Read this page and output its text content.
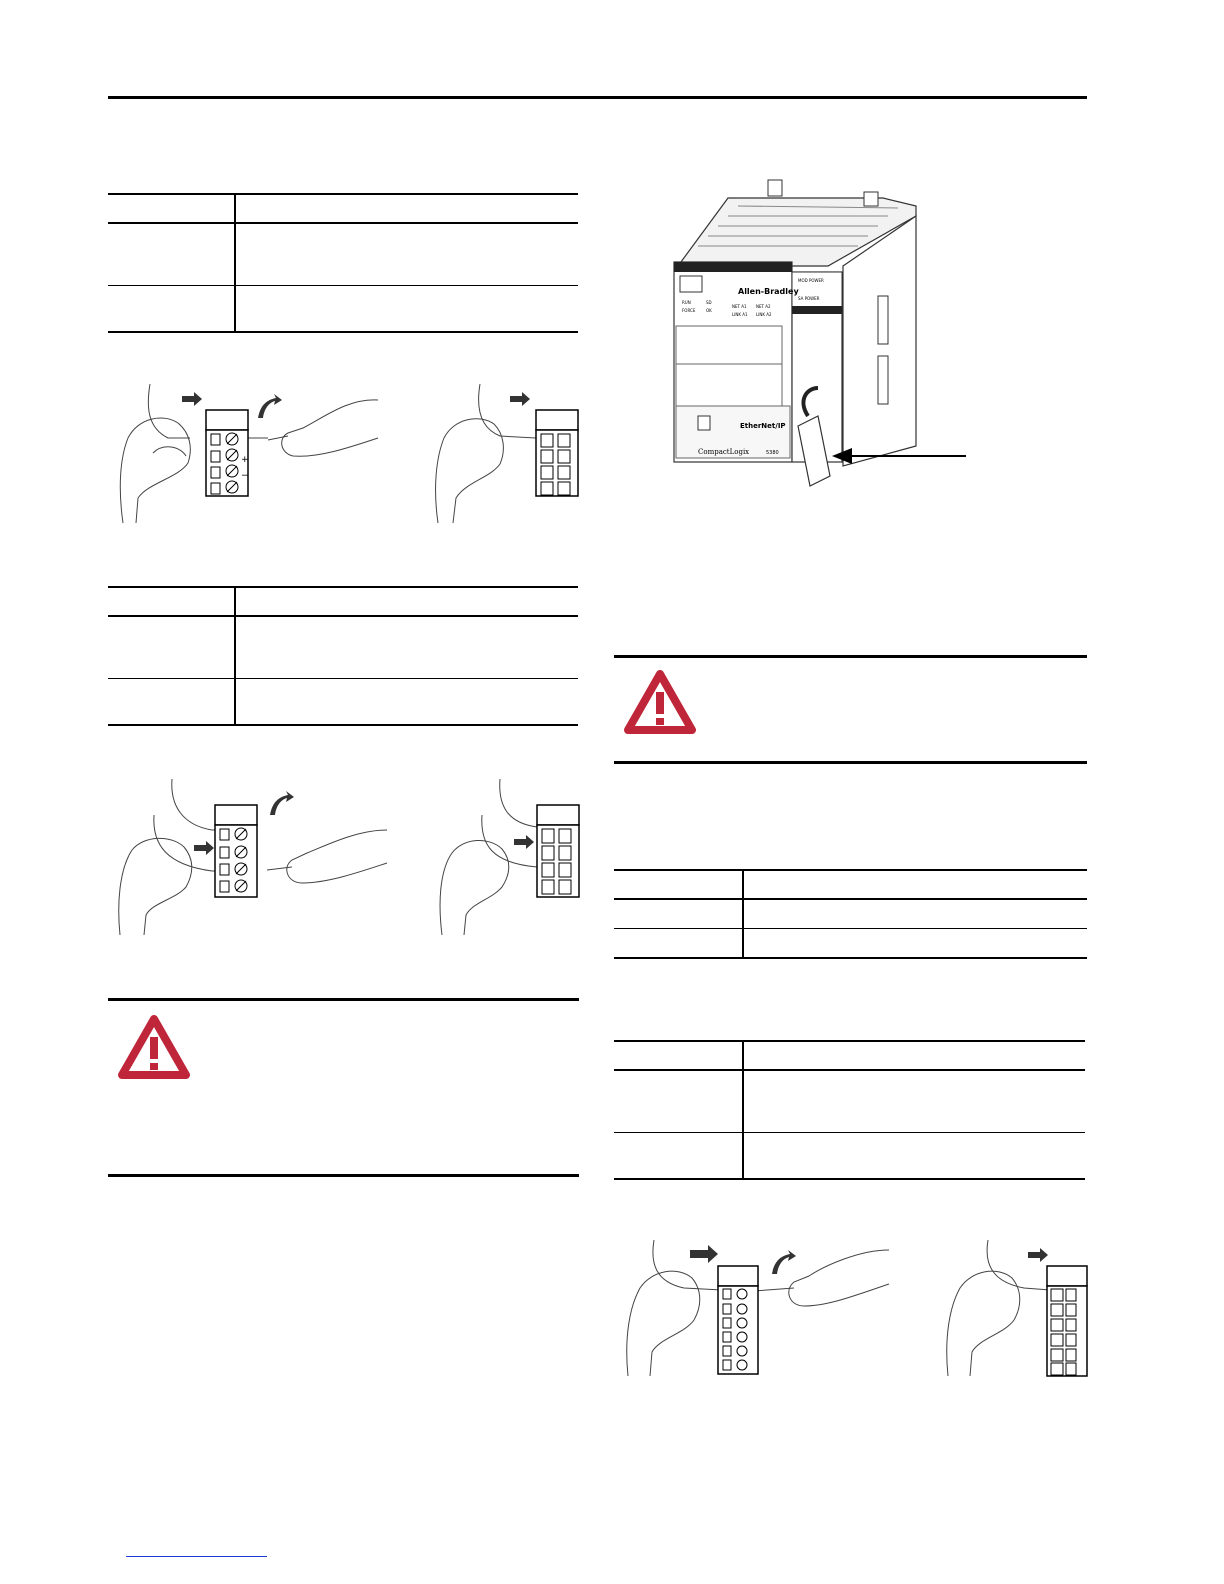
+
−

MOD POWER
SA POWER
Allen-Bradley
RUN
FORCE
SD
OK
NET A1
LINK A1
NET A2
LINK A2
EtherNet/IP
CompactLogix	5380
